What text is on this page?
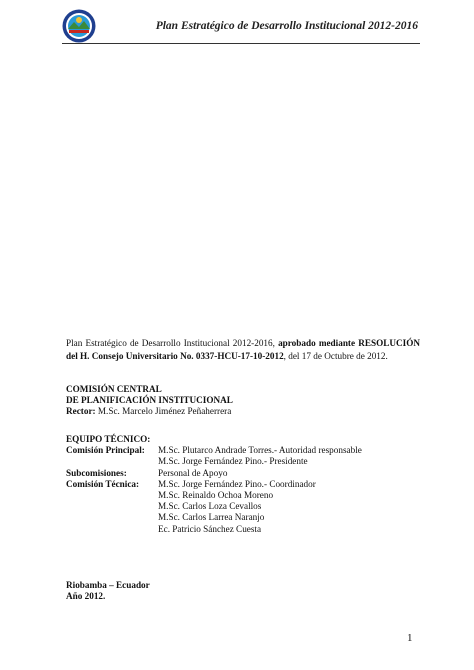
Plan Estratégico de Desarrollo Institucional 2012-2016
Plan Estratégico de Desarrollo Institucional 2012-2016, aprobado mediante RESOLUCIÓN del H. Consejo Universitario No. 0337-HCU-17-10-2012, del 17 de Octubre de 2012.
COMISIÓN CENTRAL
DE PLANIFICACIÓN INSTITUCIONAL
Rector: M.Sc. Marcelo Jiménez Peñaherrera
EQUIPO TÉCNICO:
Comisión Principal:	M.Sc. Plutarco Andrade Torres.- Autoridad responsable
M.Sc. Jorge Fernández Pino.- Presidente
Subcomisiones:	Personal de Apoyo
Comisión Técnica:	M.Sc. Jorge Fernández Pino.- Coordinador
M.Sc. Reinaldo Ochoa Moreno
M.Sc. Carlos Loza Cevallos
M.Sc. Carlos Larrea Naranjo
Ec. Patricio Sánchez Cuesta
Riobamba – Ecuador
Año 2012.
1
